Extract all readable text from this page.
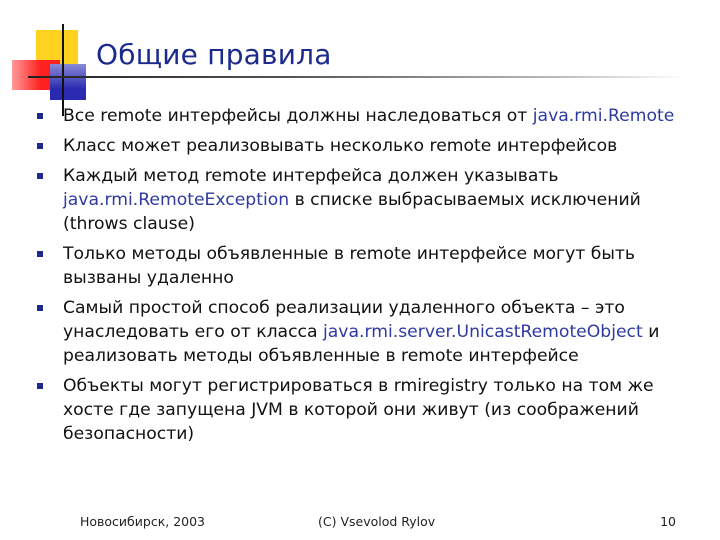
Общие правила
Все remote интерфейсы должны наследоваться от java.rmi.Remote
Класс может реализовывать несколько remote интерфейсов
Каждый метод remote интерфейса должен указывать java.rmi.RemoteException в списке выбрасываемых исключений (throws clause)
Только методы объявленные в remote интерфейсе могут быть вызваны удаленно
Самый простой способ реализации удаленного объекта – это унаследовать его от класса java.rmi.server.UnicastRemoteObject и реализовать методы объявленные в remote интерфейсе
Объекты могут регистрироваться в rmiregistry только на том же хосте где запущена JVM в которой они живут (из соображений безопасности)
Новосибирск, 2003	(C) Vsevolod Rylov	10
